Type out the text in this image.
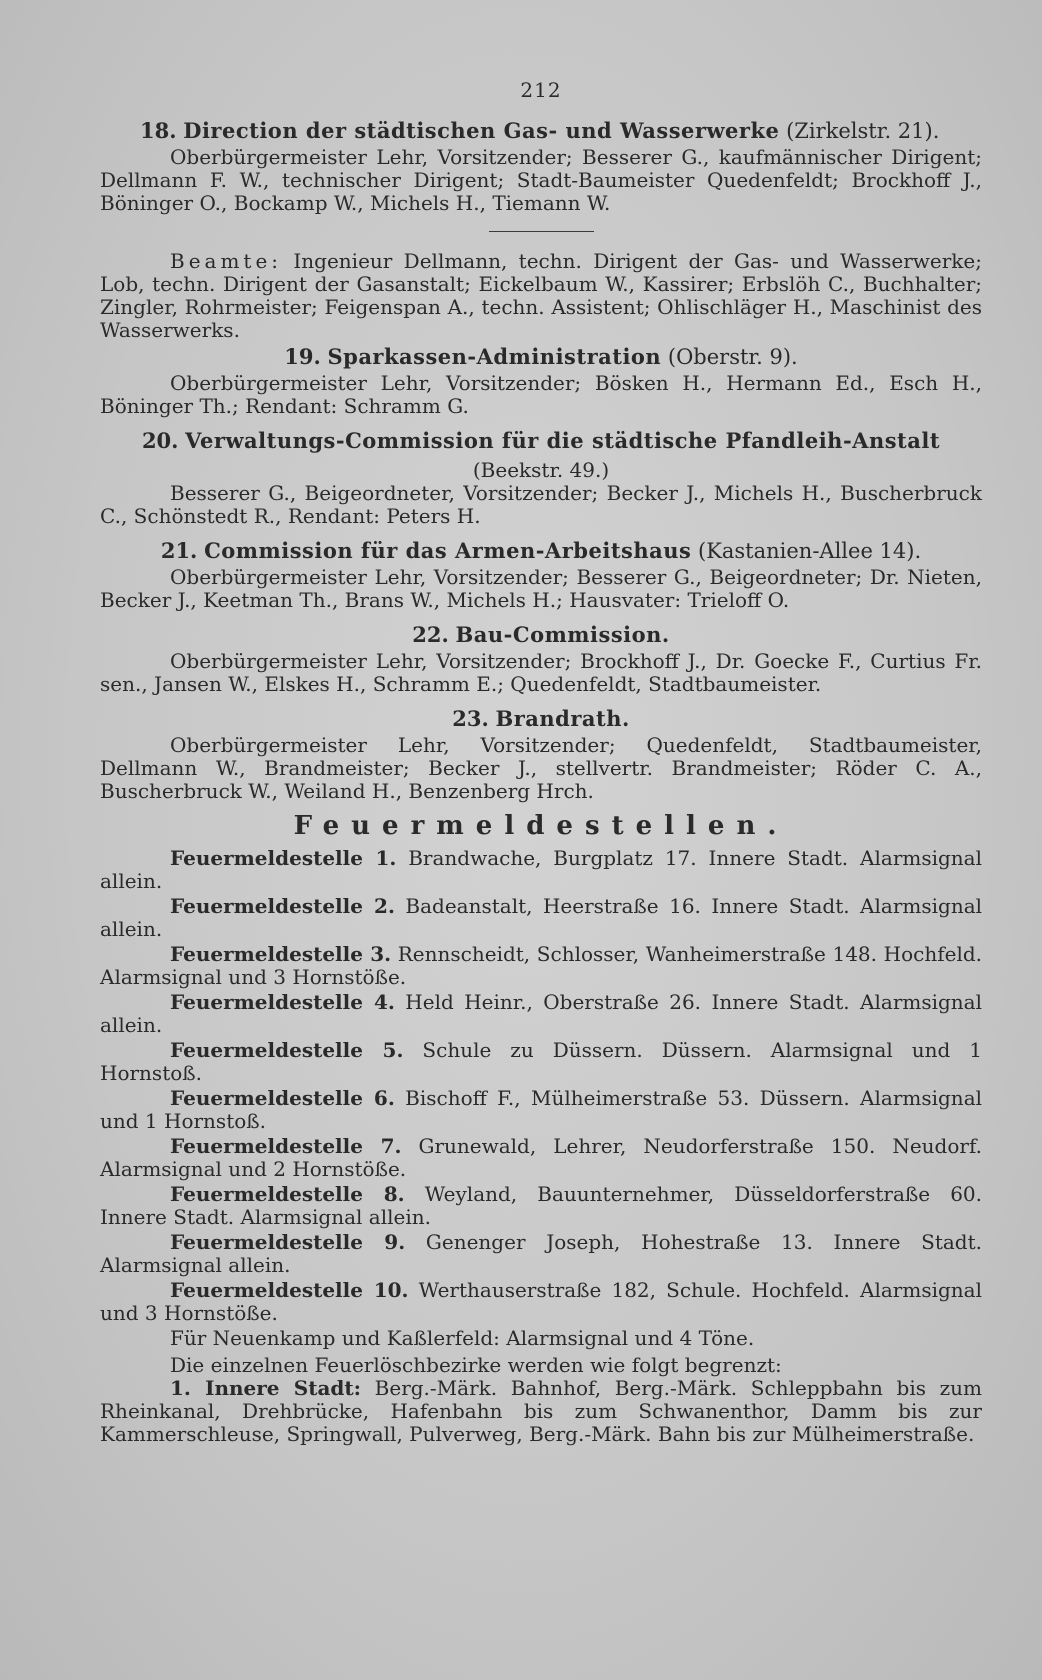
212
18. Direction der städtischen Gas- und Wasserwerke (Zirkelstr. 21).

Oberbürgermeister Lehr, Vorsitzender; Besserer G., kaufmännischer Dirigent; Dellmann F. W., technischer Dirigent; Stadt-Baumeister Quedenfeldt; Brockhoff J., Böninger O., Bockamp W., Michels H., Tiemann W.

Beamte: Ingenieur Dellmann, techn. Dirigent der Gas- und Wasserwerke; Lob, techn. Dirigent der Gasanstalt; Eickelbaum W., Kassirer; Erbslöh C., Buchhalter; Zingler, Rohrmeister; Feigenspan A., techn. Assistent; Ohlischläger H., Maschinist des Wasserwerks.

19. Sparkassen-Administration (Oberstr. 9).

Oberbürgermeister Lehr, Vorsitzender; Bösken H., Hermann Ed., Esch H., Böninger Th.; Rendant: Schramm G.

20. Verwaltungs-Commission für die städtische Pfandleih-Anstalt
(Beekstr. 49.)

Besserer G., Beigeordneter, Vorsitzender; Becker J., Michels H., Buscherbruck C., Schönstedt R., Rendant: Peters H.

21. Commission für das Armen-Arbeitshaus (Kastanien-Allee 14).

Oberbürgermeister Lehr, Vorsitzender; Besserer G., Beigeordneter; Dr. Nieten, Becker J., Keetman Th., Brans W., Michels H.; Hausvater: Trieloff O.

22. Bau-Commission.

Oberbürgermeister Lehr, Vorsitzender; Brockhoff J., Dr. Goecke F., Curtius Fr. sen., Jansen W., Elskes H., Schramm E.; Quedenfeldt, Stadtbaumeister.

23. Brandrath.

Oberbürgermeister Lehr, Vorsitzender; Quedenfeldt, Stadtbaumeister, Dellmann W., Brandmeister; Becker J., stellvertr. Brandmeister; Röder C. A., Buscherbruck W., Weiland H., Benzenberg Hrch.

Feuermeldestellen.

Feuermeldestelle 1. Brandwache, Burgplatz 17. Innere Stadt. Alarmsignal allein.

Feuermeldestelle 2. Badeanstalt, Heerstraße 16. Innere Stadt. Alarmsignal allein.

Feuermeldestelle 3. Rennscheidt, Schlosser, Wanheimerstraße 148. Hochfeld. Alarmsignal und 3 Hornstöße.

Feuermeldestelle 4. Held Heinr., Oberstraße 26. Innere Stadt. Alarmsignal allein.

Feuermeldestelle 5. Schule zu Düssern. Düssern. Alarmsignal und 1 Hornstoß.

Feuermeldestelle 6. Bischoff F., Mülheimerstraße 53. Düssern. Alarmsignal und 1 Hornstoß.

Feuermeldestelle 7. Grunewald, Lehrer, Neudorferstraße 150. Neudorf. Alarmsignal und 2 Hornstöße.

Feuermeldestelle 8. Weyland, Bauunternehmer, Düsseldorferstraße 60. Innere Stadt. Alarmsignal allein.

Feuermeldestelle 9. Genenger Joseph, Hohestraße 13. Innere Stadt. Alarmsignal allein.

Feuermeldestelle 10. Werthauserstraße 182, Schule. Hochfeld. Alarmsignal und 3 Hornstöße.

Für Neuenkamp und Kaßlerfeld: Alarmsignal und 4 Töne.

Die einzelnen Feuerlöschbezirke werden wie folgt begrenzt:

1. Innere Stadt: Berg.-Märk. Bahnhof, Berg.-Märk. Schleppbahn bis zum Rheinkanal, Drehbrücke, Hafenbahn bis zum Schwanenthor, Damm bis zur Kammerschleuse, Springwall, Pulverweg, Berg.-Märk. Bahn bis zur Mülheimerstraße.
